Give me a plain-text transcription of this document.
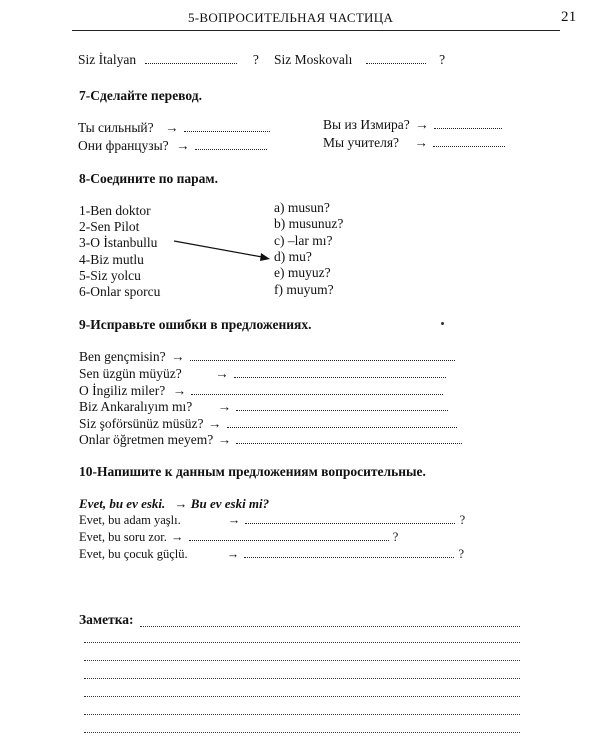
5-ВОПРОСИТЕЛЬНАЯ ЧАСТИЦА	21
Siz İtalyan	? Siz Moskovalı	?
7-Сделайте перевод.
Ты сильный? →
Они французы? →
Вы из Измира? →
Мы учителя? →
8-Соедините по парам.
1-Ben doktor
2-Sen Pilot
3-O İstanbullu
4-Biz mutlu
5-Siz yolcu
6-Onlar sporcu
a) musun?
b) musunuz?
c) –lar mı?
d) mu?
e) muyuz?
f) muyum?
9-Исправьте ошибки в предложениях.
Ben gençmisin? →
Sen üzgün müyüz? →
O İngiliz miler? →
Biz Ankaralıyım mı? →
Siz şoförsünüz müsüz? →
Onlar öğretmen meyem? →
10-Напишите к данным предложениям вопросительные.
Evet, bu ev eski. → Bu ev eski mi?
Evet, bu adam yaşlı.	→	?
Evet, bu soru zor. →	?
Evet, bu çocuk güçlü.	→	?
Заметка:
